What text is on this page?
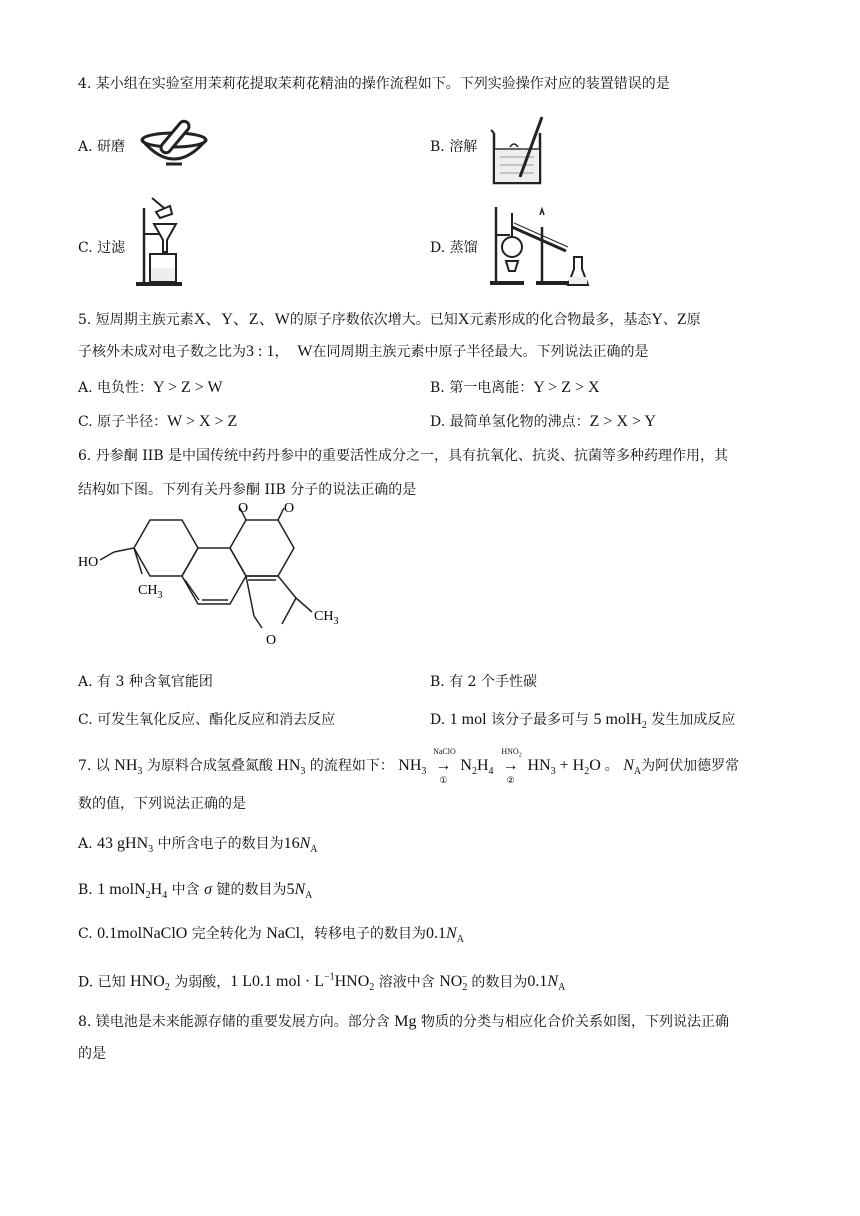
4. 某小组在实验室用茉莉花提取茉莉花精油的操作流程如下。下列实验操作对应的装置错误的是
A. 研磨	B. 溶解
C. 过滤	D. 蒸馏
5. 短周期主族元素X、Y、Z、W的原子序数依次增大。已知X元素形成的化合物最多，基态Y、Z原
子核外未成对电子数之比为3 : 1， W在同周期主族元素中原子半径最大。下列说法正确的是
A. 电负性：Y > Z > W	B. 第一电离能：Y > Z > X
C. 原子半径：W > X > Z	D. 最简单氢化物的沸点：Z > X > Y
6. 丹参酮 IIB 是中国传统中药丹参中的重要活性成分之一，具有抗氧化、抗炎、抗菌等多种药理作用，其
结构如下图。下列有关丹参酮 IIB 分子的说法正确的是
HO
$CH_3$
O	O
$CH_3$
O
A. 有 3 种含氧官能团	B. 有 2 个手性碳
C. 可发生氧化反应、酯化反应和消去反应	D. 1 mol 该分子最多可与 5 molH$_2$ 发生加成反应
7. 以 $NH_3$ 为原料合成氢叠氮酸 $HN_3$ 的流程如下： $NH_3$
NaClO
→
①
$N_2H_4$
$HNO_2$
→
②
$HN_3 + H_2O$ 。 $N_A$为阿伏加德罗常
数的值，下列说法正确的是
A. 43 gHN$_3$ 中所含电子的数目为$16N_A$
B. 1 $molN_2H_4$ 中含 σ 键的数目为$5N_A$
C. 0.1molNaClO 完全转化为 NaCl，转移电子的数目为$0.1N_A$
D. 已知 $HNO_2$ 为弱酸，1 L0.1 mol · $L^{-1}HNO_2$ 溶液中含 $NO_2^-$ 的数目为$0.1N_A$
8. 镁电池是未来能源存储的重要发展方向。部分含 Mg 物质的分类与相应化合价关系如图，下列说法正确
的是
